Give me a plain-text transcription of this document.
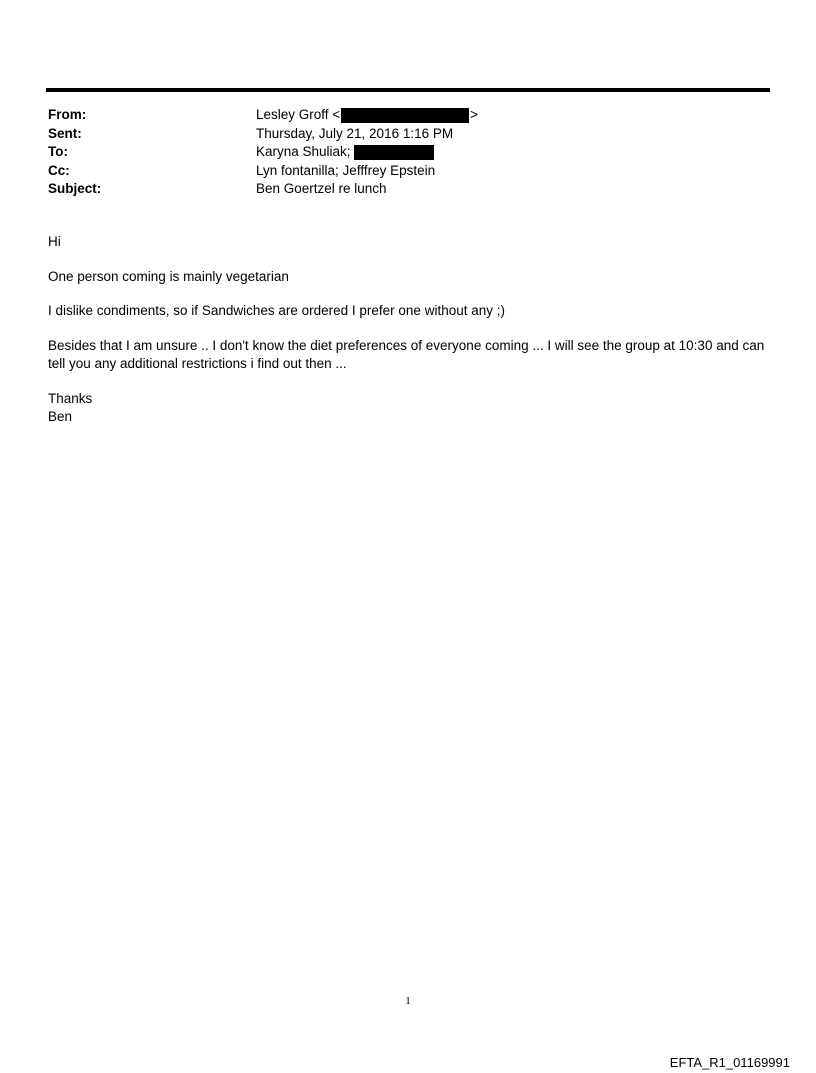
From:	Lesley Groff <	>
Sent:	Thursday, July 21, 2016 1:16 PM
To:	Karyna Shuliak;
Cc:	Lyn fontanilla; Jefffrey Epstein
Subject:	Ben Goertzel re lunch

Hi

One person coming is mainly vegetarian

I dislike condiments, so if Sandwiches are ordered I prefer one without any ;)

Besides that I am unsure .. I don't know the diet preferences of everyone coming ... I will see the group at 10:30 and can tell you any additional restrictions i find out then ...

Thanks
Ben
1
EFTA_R1_01169991
